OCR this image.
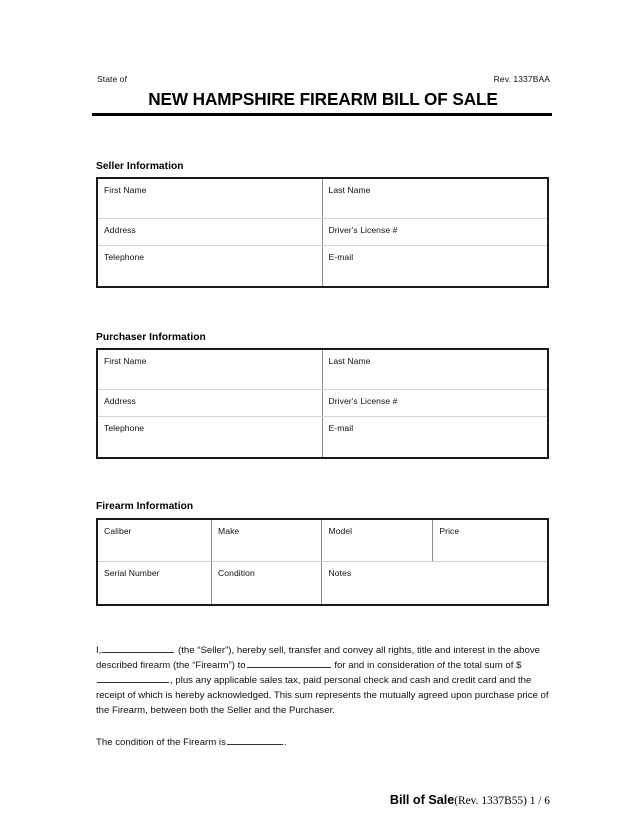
State of	Rev. 1337BAA
NEW HAMPSHIRE FIREARM BILL OF SALE
Seller Information
First Name	Last Name
Address	Driver's License #
Telephone	E-mail
Purchaser Information
First Name	Last Name
Address	Driver's License #
Telephone	E-mail
Firearm Information
Caliber	Make	Model	Price
Serial Number	Condition	Notes
I,	(the “Seller”), hereby sell, transfer and convey all rights, title and interest in the above described firearm (the “Firearm”) to	for and in consideration of the total sum of $, plus any applicable sales tax, paid personal check and cash and credit card and the receipt of which is hereby acknowledged. This sum represents the mutually agreed upon purchase price of the Firearm, between both the Seller and the Purchaser.
The condition of the Firearm is	.
Bill of Sale(Rev. 1337B55) 1 / 6
